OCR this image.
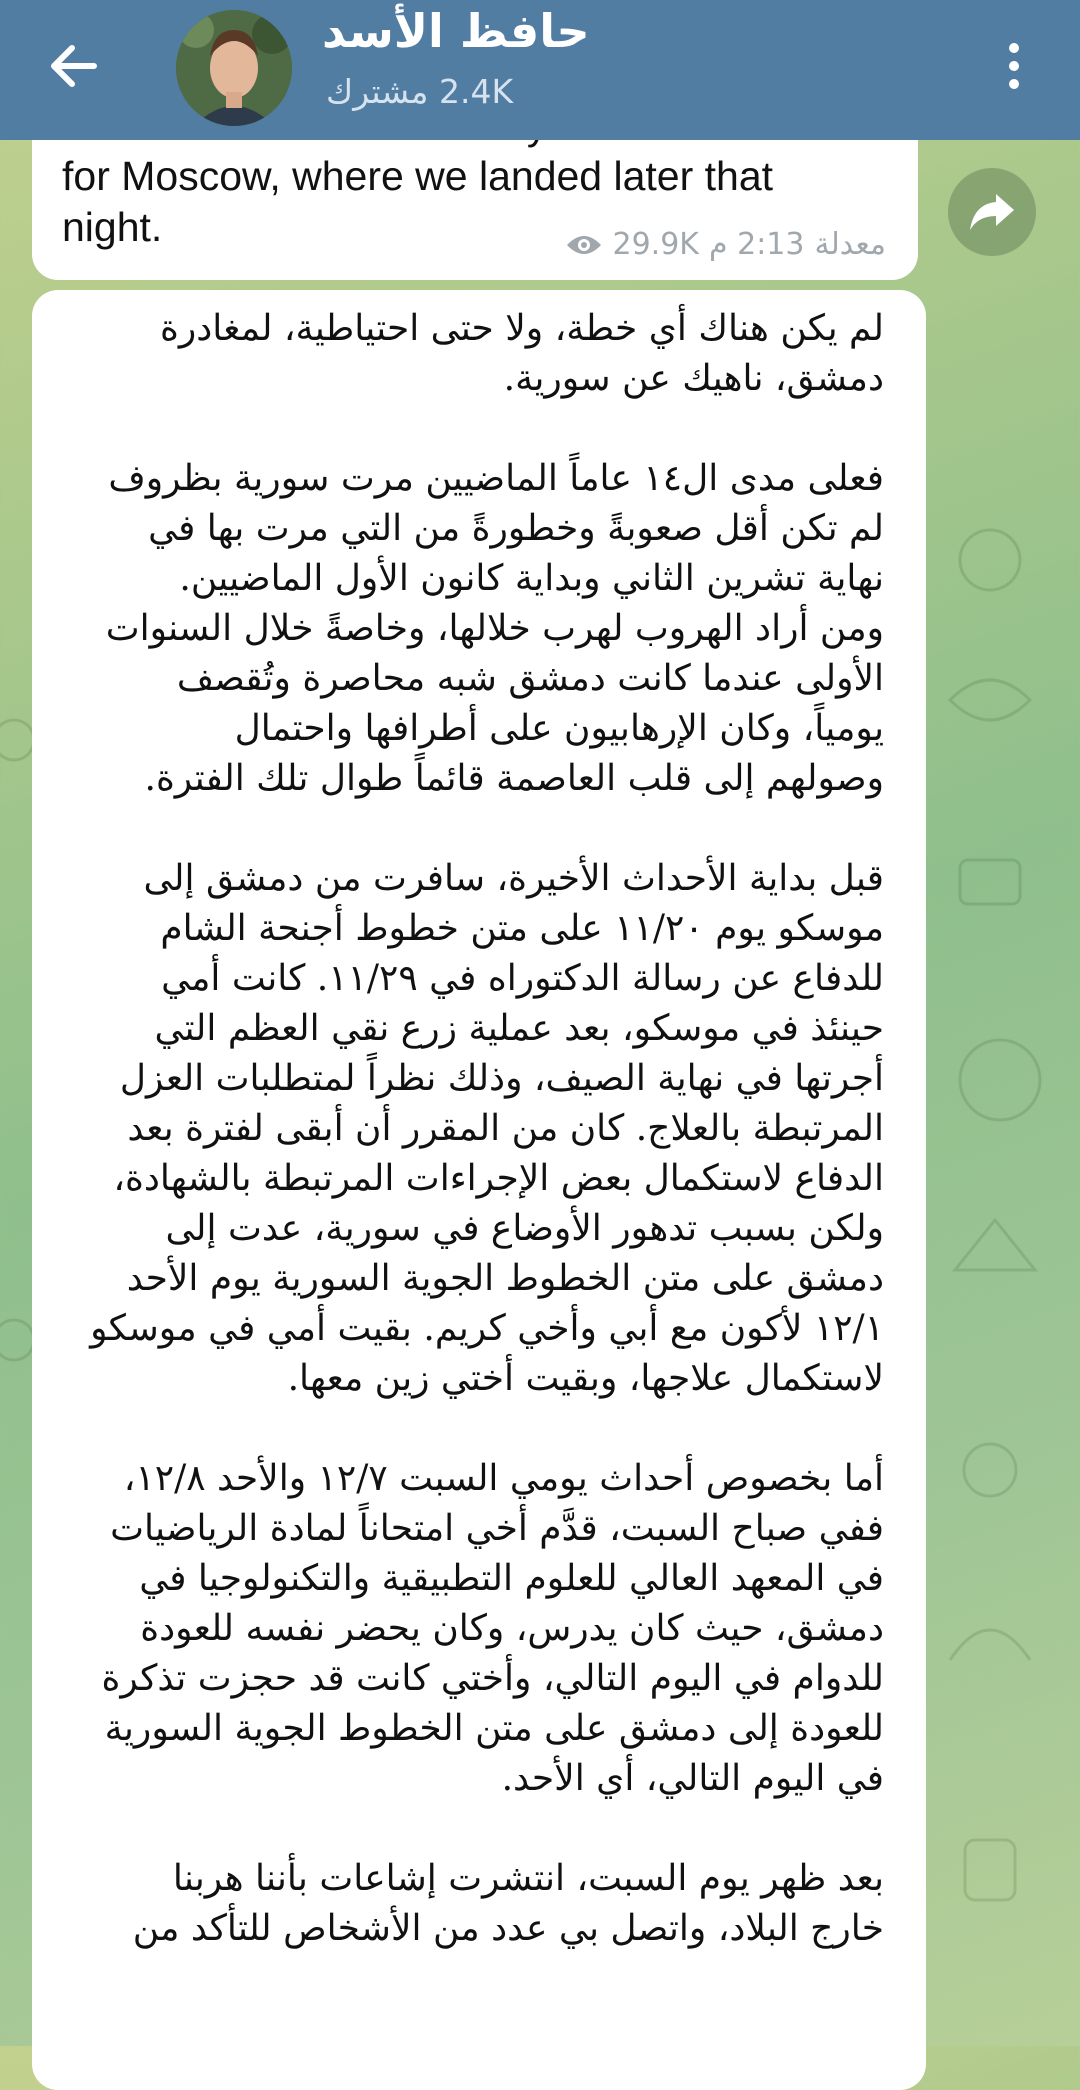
حافظ الأسد
2.4K مشترك
for Moscow, where we landed later that
night.	29.9K 2:13 م معدلة
لم يكن هناك أي خطة، ولا حتى احتياطية، لمغادرة
دمشق، ناهيك عن سورية.
فعلى مدى ال١٤ عاماً الماضيين مرت سورية بظروف
لم تكن أقل صعوبةً وخطورةً من التي مرت بها في
نهاية تشرين الثاني وبداية كانون الأول الماضيين.
ومن أراد الهروب لهرب خلالها، وخاصةً خلال السنوات
الأولى عندما كانت دمشق شبه محاصرة وتُقصف
يومياً، وكان الإرهابيون على أطرافها واحتمال
وصولهم إلى قلب العاصمة قائماً طوال تلك الفترة.
قبل بداية الأحداث الأخيرة، سافرت من دمشق إلى
موسكو يوم ١١/٢٠ على متن خطوط أجنحة الشام
للدفاع عن رسالة الدكتوراه في ١١/٢٩. كانت أمي
حينئذ في موسكو، بعد عملية زرع نقي العظم التي
أجرتها في نهاية الصيف، وذلك نظراً لمتطلبات العزل
المرتبطة بالعلاج. كان من المقرر أن أبقى لفترة بعد
الدفاع لاستكمال بعض الإجراءات المرتبطة بالشهادة،
ولكن بسبب تدهور الأوضاع في سورية، عدت إلى
دمشق على متن الخطوط الجوية السورية يوم الأحد
١٢/١ لأكون مع أبي وأخي كريم. بقيت أمي في موسكو
لاستكمال علاجها، وبقيت أختي زين معها.
أما بخصوص أحداث يومي السبت ١٢/٧ والأحد ١٢/٨،
ففي صباح السبت، قدَّم أخي امتحاناً لمادة الرياضيات
في المعهد العالي للعلوم التطبيقية والتكنولوجيا في
دمشق، حيث كان يدرس، وكان يحضر نفسه للعودة
للدوام في اليوم التالي، وأختي كانت قد حجزت تذكرة
للعودة إلى دمشق على متن الخطوط الجوية السورية
في اليوم التالي، أي الأحد.
بعد ظهر يوم السبت، انتشرت إشاعات بأننا هربنا
خارج البلاد، واتصل بي عدد من الأشخاص للتأكد من
